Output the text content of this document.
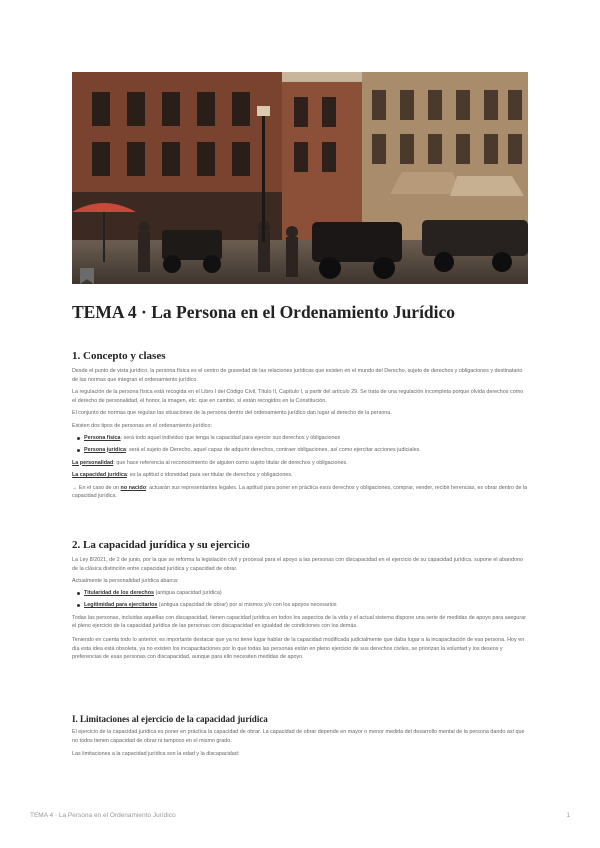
TEMA 4 · La Persona en el Ordenamiento Jurídico
1. Concepto y clases

Desde el punto de vista jurídico, la persona física es el centro de gravedad de las relaciones jurídicas que existen en el mundo del Derecho, sujeto de derechos y obligaciones y destinatario de las normas que integran el ordenamiento jurídico.

La regulación de la persona física está recogida en el Libro I del Código Civil, Título II, Capítulo I, a partir del artículo 29. Se trata de una regulación incompleta porque olvida derechos como el derecho de personalidad, el honor, la imagen, etc. que en cambio, sí están recogidos en la Constitución.

El conjunto de normas que regulan las situaciones de la persona dentro del ordenamiento jurídico dan lugar al derecho de la persona.

Existen dos tipos de personas en el ordenamiento jurídico:

Persona física: será todo aquel individuo que tenga la capacidad para ejercer sus derechos y obligaciones
Persona jurídica: será el sujeto de Derecho, aquel capaz de adquirir derechos, contraer obligaciones, así como ejercitar acciones judiciales.

La personalidad: que hace referencia al reconocimiento de alguien como sujeto titular de derechos y obligaciones.

La capacidad jurídica: es la aptitud o idoneidad para ser titular de derechos y obligaciones.

→ En el caso de un no nacido: actuarán sus representantes legales. La aptitud para poner en práctica esos derechos y obligaciones, comprar, vender, recibir herencias, es obrar dentro de la capacidad jurídica.

2. La capacidad jurídica y su ejercicio

La Ley 8/2021, de 2 de junio, por la que se reforma la legislación civil y procesal para el apoyo a las personas con discapacidad en el ejercicio de su capacidad jurídica, supone el abandono de la clásica distinción entre capacidad jurídica y capacidad de obrar.

Actualmente la personalidad jurídica abarca:

Titularidad de los derechos (antigua capacidad jurídica)
Legitimidad para ejercitarlos (antigua capacidad de obrar) por sí mismos y/o con los apoyos necesarios

Todas las personas, incluidas aquellas con discapacidad, tienen capacidad jurídica en todos los aspectos de la vida y el actual sistema dispone una serie de medidas de apoyo para asegurar el pleno ejercicio de la capacidad jurídica de las personas con discapacidad en igualdad de condiciones con los demás.

Teniendo en cuenta todo lo anterior, es importante destacar que ya no tiene lugar hablar de la capacidad modificada judicialmente que daba lugar a la incapacitación de esa persona. Hoy en día esta idea está obsoleta, ya no existen los incapacitaciones por lo que todas las personas están en pleno ejercicio de sus derechos civiles, se priorizan la voluntad y los deseos y preferencias de esas personas con discapacidad, aunque para ello necesiten medidas de apoyo.

I. Limitaciones al ejercicio de la capacidad jurídica

El ejercicio de la capacidad jurídica es poner en práctica la capacidad de obrar. La capacidad de obrar depende en mayor o menor medida del desarrollo mental de la persona dando así que no todos tienen capacidad de obrar ni tampoco en el mismo grado.

Las limitaciones a la capacidad jurídica son la edad y la discapacidad:

TEMA 4 · La Persona en el Ordenamiento Jurídico	1
